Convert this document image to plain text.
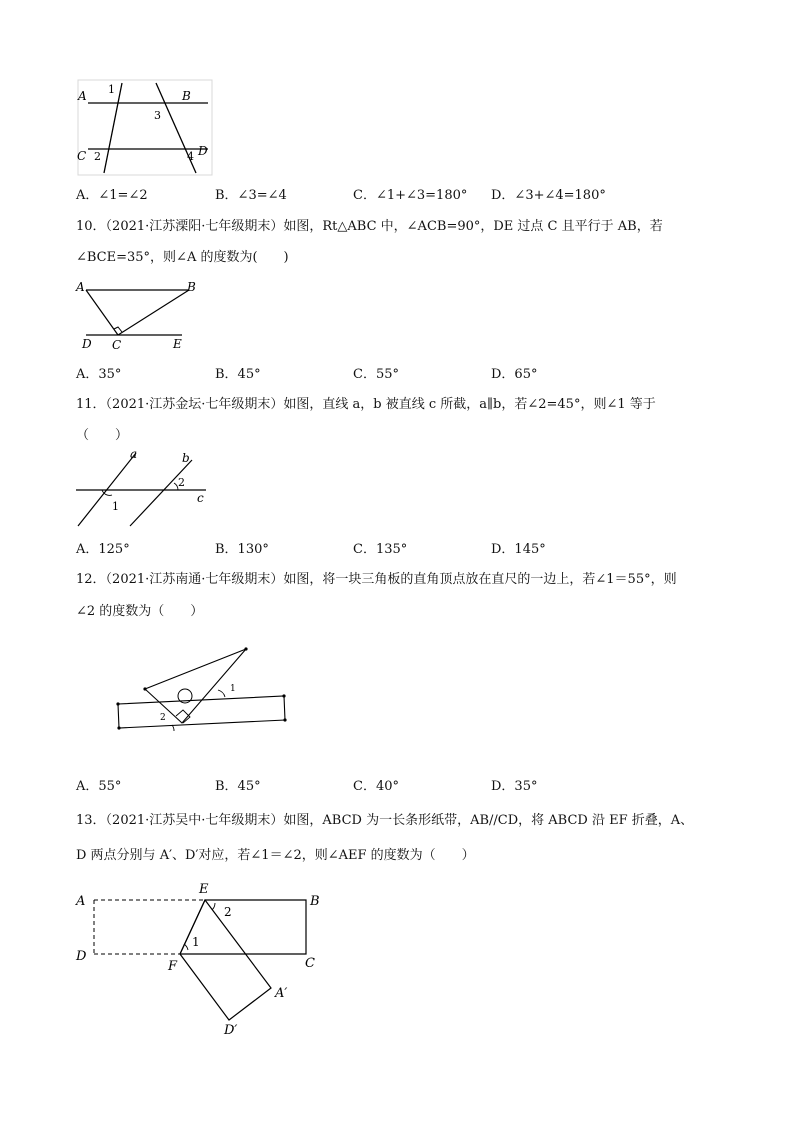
A	B
C	D
1
2
3
4
A．∠1=∠2	B．∠3=∠4	C．∠1+∠3=180° D．∠3+∠4=180°
10．（2021·江苏溧阳·七年级期末）如图，Rt△ABC 中，∠ACB=90°，DE 过点 C 且平行于 AB，若
∠BCE=35°，则∠A 的度数为(　　)
A	B
D C	E
A．35°	B．45°	C．55°	D．65°
11．（2021·江苏金坛·七年级期末）如图，直线 a，b 被直线 c 所截，a∥b，若∠2=45°，则∠1 等于
（　　）
a	b
c
1
2
A．125°	B．130°	C．135°	D．145°
12．（2021·江苏南通·七年级期末）如图，将一块三角板的直角顶点放在直尺的一边上，若∠1＝55°，则
∠2 的度数为（　　）
1
2
A．55°	B．45°	C．40°	D．35°
13．（2021·江苏吴中·七年级期末）如图，ABCD 为一长条形纸带，AB//CD，将 ABCD 沿 EF 折叠，A、
D 两点分别与 A′、D′对应，若∠1＝∠2，则∠AEF 的度数为（　　）
A	B
C
D
E
F
A′
D′
2
1
